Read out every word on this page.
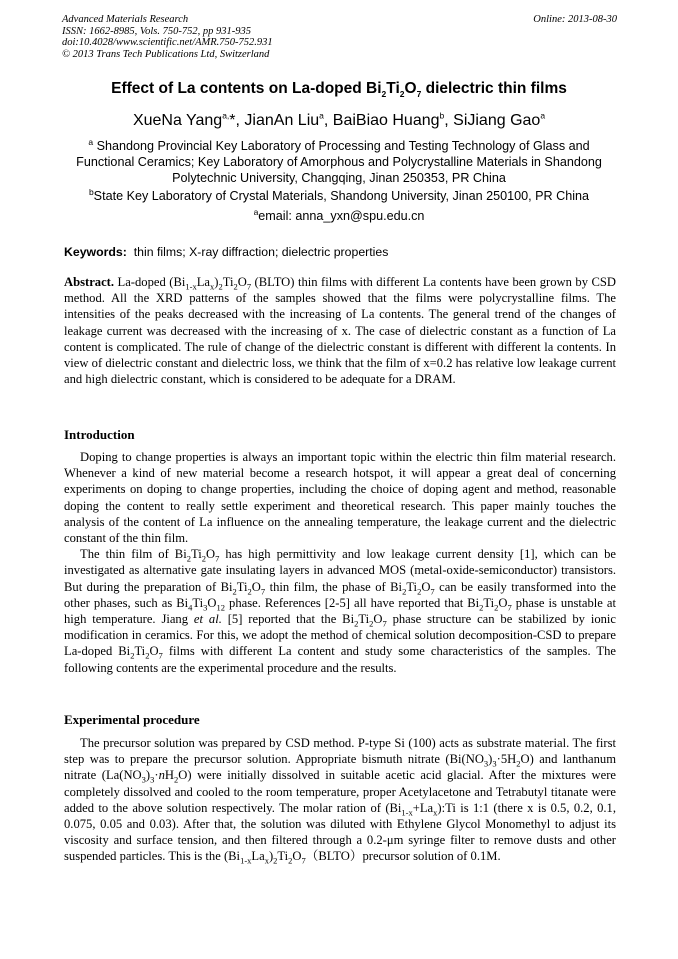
Advanced Materials Research
ISSN: 1662-8985, Vols. 750-752, pp 931-935
doi:10.4028/www.scientific.net/AMR.750-752.931
© 2013 Trans Tech Publications Ltd, Switzerland
Online: 2013-08-30
Effect of La contents on La-doped $Bi_2Ti_2O_7$ dielectric thin films
XueNa Yang$^{a,}$*, JianAn Liu$^a$, BaiBiao Huang$^b$, SiJiang Gao$^a$
$^a$ Shandong Provincial Key Laboratory of Processing and Testing Technology of Glass and
Functional Ceramics; Key Laboratory of Amorphous and Polycrystalline Materials in Shandong
Polytechnic University, Changqing, Jinan 250353, PR China
$^b$State Key Laboratory of Crystal Materials, Shandong University, Jinan 250100, PR China
$^a$email: anna_yxn@spu.edu.cn
Keywords: thin films; X-ray diffraction; dielectric properties

Abstract. La-doped $(Bi_{1-x}La_x)_2Ti_2O_7$ (BLTO) thin films with different La contents have been grown by CSD method. All the XRD patterns of the samples showed that the films were polycrystalline films. The intensities of the peaks decreased with the increasing of La contents. The general trend of the changes of leakage current was decreased with the increasing of x. The case of dielectric constant as a function of La content is complicated. The rule of change of the dielectric constant is different with different la contents. In view of dielectric constant and dielectric loss, we think that the film of x=0.2 has relative low leakage current and high dielectric constant, which is considered to be adequate for a DRAM.

Introduction

Doping to change properties is always an important topic within the electric thin film material research. Whenever a kind of new material become a research hotspot, it will appear a great deal of concerning experiments on doping to change properties, including the choice of doping agent and method, reasonable doping the content to really settle experiment and theoretical research. This paper mainly touches the analysis of the content of La influence on the annealing temperature, the leakage current and the dielectric constant of the thin film.

The thin film of $Bi_2Ti_2O_7$ has high permittivity and low leakage current density [1], which can be investigated as alternative gate insulating layers in advanced MOS (metal-oxide-semiconductor) transistors. But during the preparation of $Bi_2Ti_2O_7$ thin film, the phase of $Bi_2Ti_2O_7$ can be easily transformed into the other phases, such as $Bi_4Ti_3O_{12}$ phase. References [2-5] all have reported that $Bi_2Ti_2O_7$ phase is unstable at high temperature. Jiang et al. [5] reported that the $Bi_2Ti_2O_7$ phase structure can be stabilized by ionic modification in ceramics. For this, we adopt the method of chemical solution decomposition-CSD to prepare La-doped $Bi_2Ti_2O_7$ films with different La content and study some characteristics of the samples. The following contents are the experimental procedure and the results.

Experimental procedure

The precursor solution was prepared by CSD method. P-type Si (100) acts as substrate material. The first step was to prepare the precursor solution. Appropriate bismuth nitrate $(Bi(NO_3)_3\cdot 5H_2O)$ and lanthanum nitrate $(La(NO_3)_3\cdot nH_2O)$ were initially dissolved in suitable acetic acid glacial. After the mixtures were completely dissolved and cooled to the room temperature, proper Acetylacetone and Tetrabutyl titanate were added to the above solution respectively. The molar ration of $(Bi_{1-x}+La_x):Ti$ is 1:1 (there x is 0.5, 0.2, 0.1, 0.075, 0.05 and 0.03). After that, the solution was diluted with Ethylene Glycol Monomethyl to adjust its viscosity and surface tension, and then filtered through a 0.2-μm syringe filter to remove dusts and other suspended particles. This is the $(Bi_{1-x}La_x)_2Ti_2O_7(BLTO)precursor$ solution of 0.1M.
